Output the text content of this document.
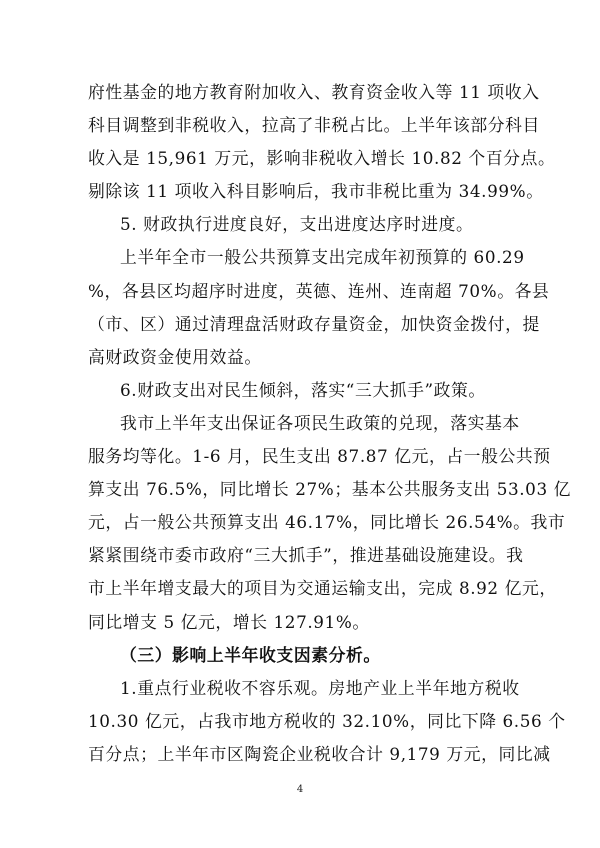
府性基金的地方教育附加收入、教育资金收入等 11 项收入
科目调整到非税收入，拉高了非税占比。上半年该部分科目
收入是 15,961 万元，影响非税收入增长 10.82 个百分点。
剔除该 11 项收入科目影响后，我市非税比重为 34.99%。
5. 财政执行进度良好，支出进度达序时进度。
上半年全市一般公共预算支出完成年初预算的 60.29
%，各县区均超序时进度，英德、连州、连南超 70%。各县
（市、区）通过清理盘活财政存量资金，加快资金拨付，提
高财政资金使用效益。
6.财政支出对民生倾斜，落实“三大抓手”政策。
我市上半年支出保证各项民生政策的兑现，落实基本
服务均等化。1-6 月，民生支出 87.87 亿元，占一般公共预
算支出 76.5%，同比增长 27%；基本公共服务支出 53.03 亿
元，占一般公共预算支出 46.17%，同比增长 26.54%。我市
紧紧围绕市委市政府“三大抓手”，推进基础设施建设。我
市上半年增支最大的项目为交通运输支出，完成 8.92 亿元，
同比增支 5 亿元，增长 127.91%。
（三）影响上半年收支因素分析。
1.重点行业税收不容乐观。房地产业上半年地方税收
10.30 亿元，占我市地方税收的 32.10%，同比下降 6.56 个
百分点；上半年市区陶瓷企业税收合计 9,179 万元，同比减
4
